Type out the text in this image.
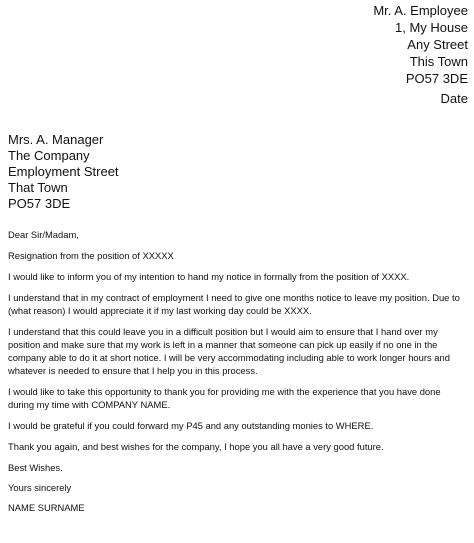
Mr. A. Employee
1, My House
Any Street
This Town
PO57 3DE
Date
Mrs. A. Manager
The Company
Employment Street
That Town
PO57 3DE

Dear Sir/Madam,

Resignation from the position of XXXXX

I would like to inform you of my intention to hand my notice in formally from the position of XXXX.

I understand that in my contract of employment I need to give one months notice to leave my position. Due to (what reason) I would appreciate it if my last working day could be XXXX.

I understand that this could leave you in a difficult position but I would aim to ensure that I hand over my position and make sure that my work is left in a manner that someone can pick up easily if no one in the company able to do it at short notice. I will be very accommodating including able to work longer hours and whatever is needed to ensure that I help you in this process.

I would like to take this opportunity to thank you for providing me with the experience that you have done during my time with COMPANY NAME.

I would be grateful if you could forward my P45 and any outstanding monies to WHERE.

Thank you again, and best wishes for the company, I hope you all have a very good future.

Best Wishes.

Yours sincerely

NAME SURNAME
